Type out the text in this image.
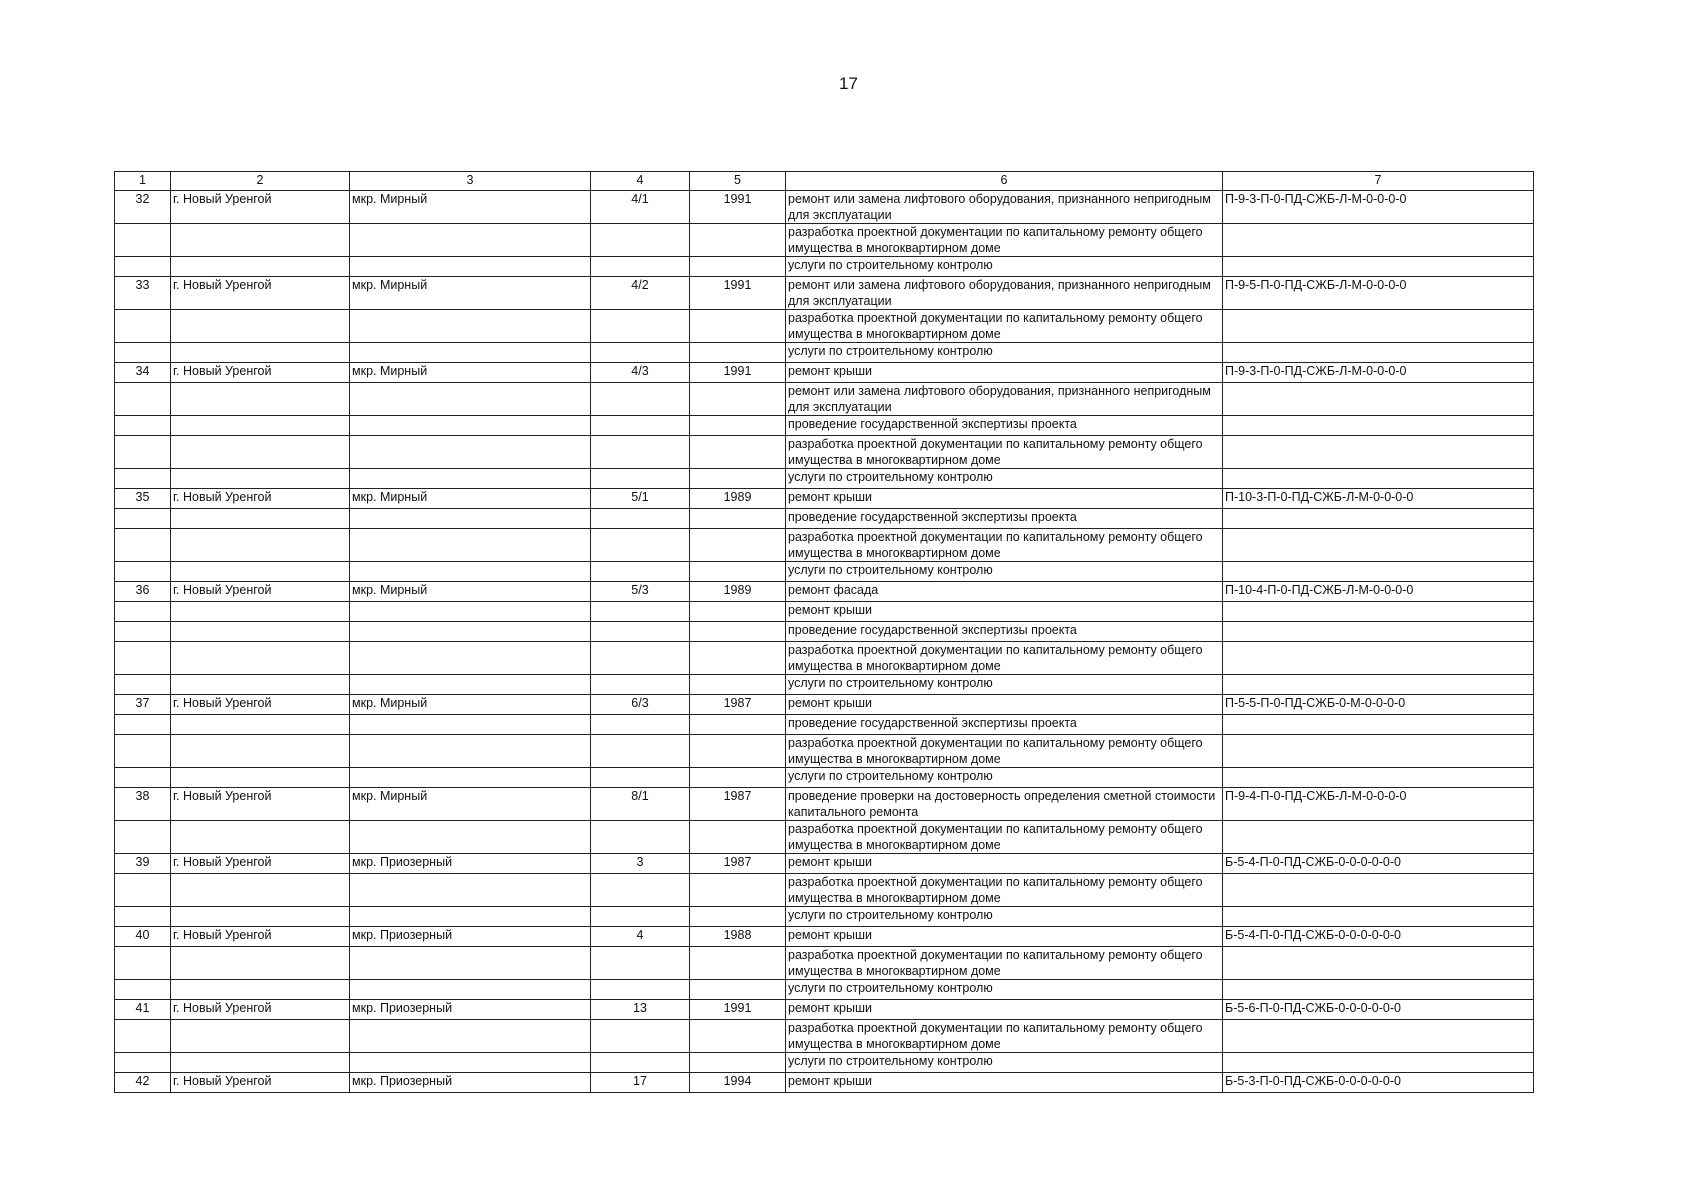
17
1	2	3	4	5	6	7
32	г. Новый Уренгой	мкр. Мирный	4/1	1991	ремонт или замена лифтового оборудования, признанного непригодным для эксплуатации	П-9-3-П-0-ПД-СЖБ-Л-М-0-0-0-0
					разработка проектной документации по капитальному ремонту общего имущества в многоквартирном доме	
					услуги по строительному контролю	
33	г. Новый Уренгой	мкр. Мирный	4/2	1991	ремонт или замена лифтового оборудования, признанного непригодным для эксплуатации	П-9-5-П-0-ПД-СЖБ-Л-М-0-0-0-0
					разработка проектной документации по капитальному ремонту общего имущества в многоквартирном доме	
					услуги по строительному контролю	
34	г. Новый Уренгой	мкр. Мирный	4/3	1991	ремонт крыши	П-9-3-П-0-ПД-СЖБ-Л-М-0-0-0-0
					ремонт или замена лифтового оборудования, признанного непригодным для эксплуатации	
					проведение государственной экспертизы проекта	
					разработка проектной документации по капитальному ремонту общего имущества в многоквартирном доме	
					услуги по строительному контролю	
35	г. Новый Уренгой	мкр. Мирный	5/1	1989	ремонт крыши	П-10-3-П-0-ПД-СЖБ-Л-М-0-0-0-0
					проведение государственной экспертизы проекта	
					разработка проектной документации по капитальному ремонту общего имущества в многоквартирном доме	
					услуги по строительному контролю	
36	г. Новый Уренгой	мкр. Мирный	5/3	1989	ремонт фасада	П-10-4-П-0-ПД-СЖБ-Л-М-0-0-0-0
					ремонт крыши	
					проведение государственной экспертизы проекта	
					разработка проектной документации по капитальному ремонту общего имущества в многоквартирном доме	
					услуги по строительному контролю	
37	г. Новый Уренгой	мкр. Мирный	6/3	1987	ремонт крыши	П-5-5-П-0-ПД-СЖБ-0-М-0-0-0-0
					проведение государственной экспертизы проекта	
					разработка проектной документации по капитальному ремонту общего имущества в многоквартирном доме	
					услуги по строительному контролю	
38	г. Новый Уренгой	мкр. Мирный	8/1	1987	проведение проверки на достоверность определения сметной стоимости капитального ремонта	П-9-4-П-0-ПД-СЖБ-Л-М-0-0-0-0
					разработка проектной документации по капитальному ремонту общего имущества в многоквартирном доме	
39	г. Новый Уренгой	мкр. Приозерный	3	1987	ремонт крыши	Б-5-4-П-0-ПД-СЖБ-0-0-0-0-0-0
					разработка проектной документации по капитальному ремонту общего имущества в многоквартирном доме	
					услуги по строительному контролю	
40	г. Новый Уренгой	мкр. Приозерный	4	1988	ремонт крыши	Б-5-4-П-0-ПД-СЖБ-0-0-0-0-0-0
					разработка проектной документации по капитальному ремонту общего имущества в многоквартирном доме	
					услуги по строительному контролю	
41	г. Новый Уренгой	мкр. Приозерный	13	1991	ремонт крыши	Б-5-6-П-0-ПД-СЖБ-0-0-0-0-0-0
					разработка проектной документации по капитальному ремонту общего имущества в многоквартирном доме	
					услуги по строительному контролю	
42	г. Новый Уренгой	мкр. Приозерный	17	1994	ремонт крыши	Б-5-3-П-0-ПД-СЖБ-0-0-0-0-0-0
